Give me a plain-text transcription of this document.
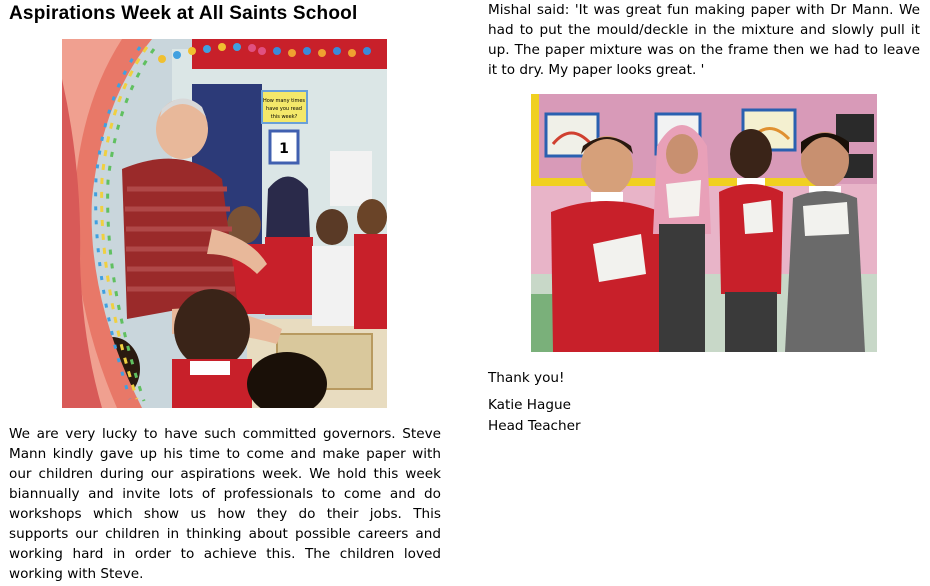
Aspirations Week at All Saints School
How many times
have you read
this week?
1
We are very lucky to have such committed governors. Steve Mann kindly gave up his time to come and make paper with our children during our aspirations week. We hold this week biannually and invite lots of professionals to come and do workshops which show us how they do their jobs. This supports our children in thinking about possible careers and working hard in order to achieve this. The children loved working with Steve.
Mishal said: 'It was great fun making paper with Dr Mann. We had to put the mould/deckle in the mixture and slowly pull it up. The paper mixture was on the frame then we had to leave it to dry. My paper looks great. '
Thank you!
Katie Hague
Head Teacher
